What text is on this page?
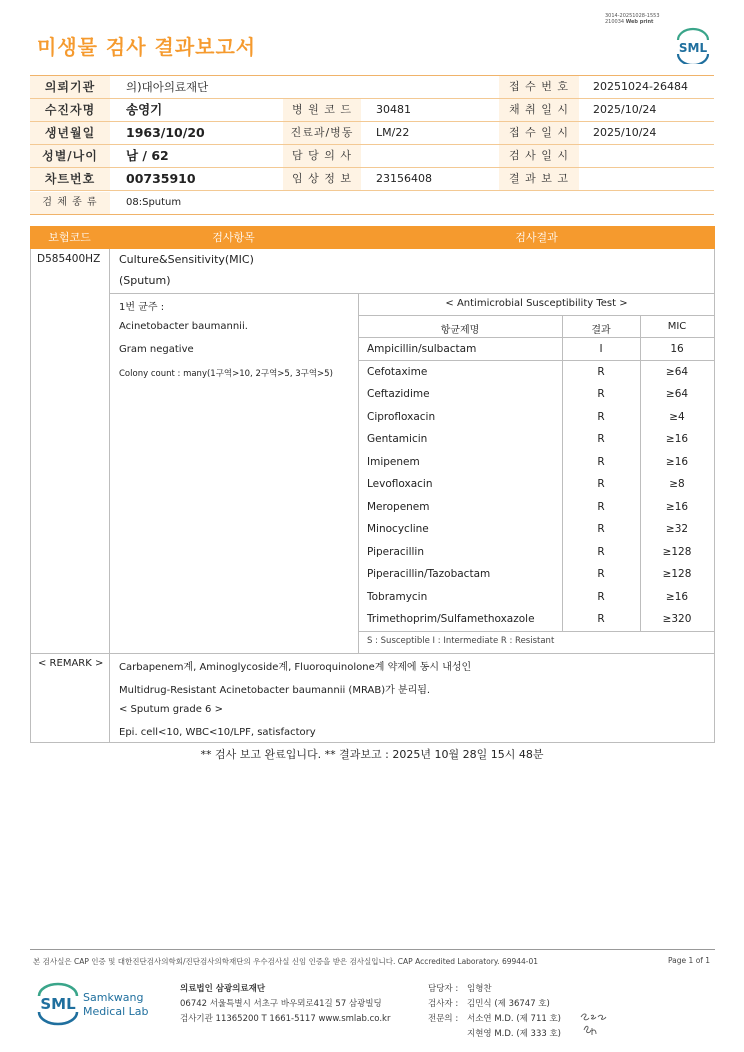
3014-20251028-1553
210034 Web print
미생물 검사 결과보고서	SML
의뢰기관	의)대아의료재단	접 수 번 호	20251024-26484
수진자명	송영기	병 원 코 드	30481	채 취 일 시	2025/10/24
생년월일	1963/10/20	진료과/병동	LM/22	접 수 일 시	2025/10/24
성별/나이	남 / 62	담 당 의 사	검 사 일 시
차트번호	00735910	임 상 정 보	23156408	결 과 보 고
검 체 종 류	08:Sputum
보험코드	검사항목	검사결과
D585400HZ Culture&Sensitivity(MIC)
(Sputum)
1번 균주 :
Acinetobacter baumannii.
Gram negative
Colony count : many(1구역>10, 2구역>5, 3구역>5)
< Antimicrobial Susceptibility Test >
항균제명	결과	MIC
S : Susceptible I : Intermediate R : Resistant
< REMARK > Carbapenem계, Aminoglycoside계, Fluoroquinolone계 약제에 동시 내성인
Multidrug-Resistant Acinetobacter baumannii (MRAB)가 분리됨.
< Sputum grade 6 >
Epi. cell<10, WBC<10/LPF, satisfactory
Ampicillin/sulbactam	I	16
Cefotaxime	R	≥64
Ceftazidime	R	≥64
Ciprofloxacin	R	≥4
Gentamicin	R	≥16
Imipenem	R	≥16
Levofloxacin	R	≥8
Meropenem	R	≥16
Minocycline	R	≥32
Piperacillin	R	≥128
Piperacillin/Tazobactam	R	≥128
Tobramycin	R	≥16
Trimethoprim/Sulfamethoxazole	R	≥320
** 검사 보고 완료입니다. ** 결과보고 : 2025년 10월 28일 15시 48분
본 검사실은 CAP 인증 및 대한진단검사의학회/진단검사의학재단의 우수검사실 신임 인증을 받은 검사실입니다. CAP Accredited Laboratory. 69944-01	Page 1 of 1
SML Samkwang
Medical Lab
의료법인 삼광의료재단
06742 서울특별시 서초구 바우뫼로41길 57 삼광빌딩
검사기관 11365200 T 1661-5117 www.smlab.co.kr
담당자 : 임형찬
검사자 : 김민식 (제 36747 호)
전문의 : 서소연 M.D. (제 711 호)
지현영 M.D. (제 333 호)
